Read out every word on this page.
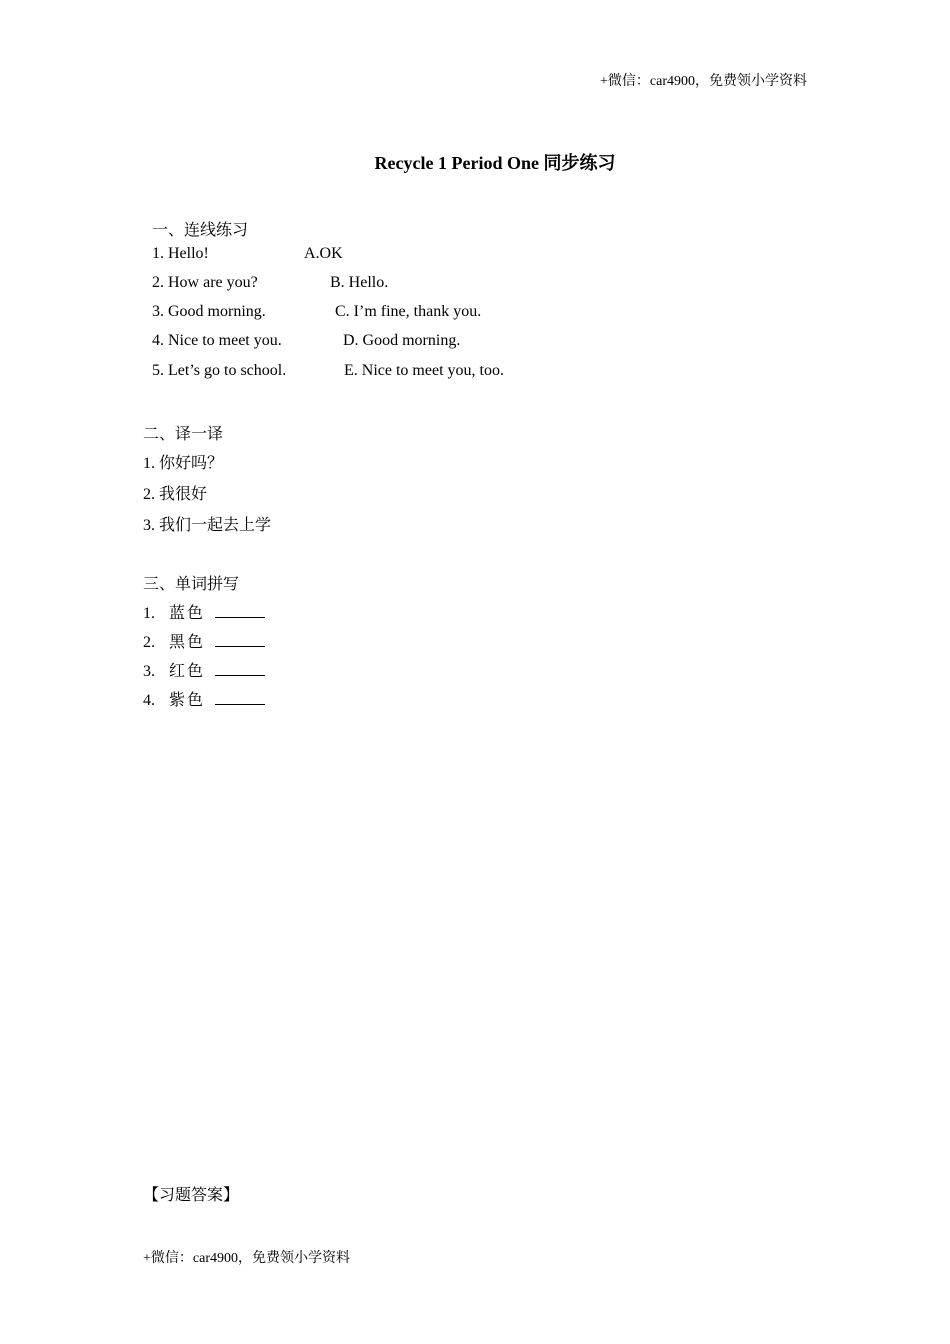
+微信：car4900，免费领小学资料
Recycle 1 Period One 同步练习
一、连线练习
1. Hello!
2. How are you?
3. Good morning.
4. Nice to meet you.
5. Let’s go to school.
A.OK
B. Hello.
C. I’m fine, thank you.
D. Good morning.
E. Nice to meet you, too.
二、译一译
1. 你好吗？
2. 我很好
3. 我们一起去上学
三、单词拼写
1. 蓝色
2. 黑色
3. 红色
4. 紫色
【习题答案】
+微信：car4900，免费领小学资料
